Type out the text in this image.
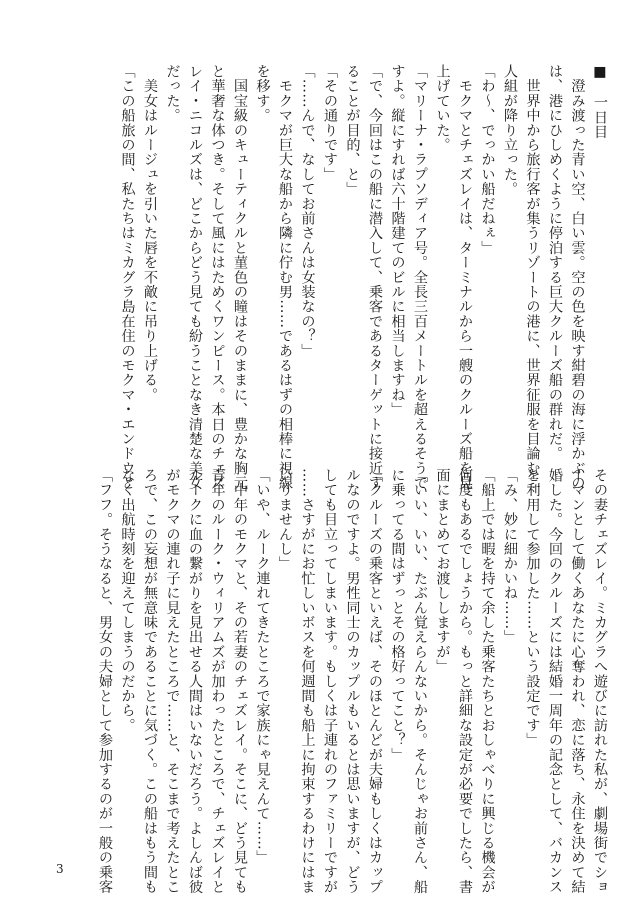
■　一日目
　澄み渡った青い空、白い雲。空の色を映す紺碧の海に浮かぶの
は、港にひしめくように停泊する巨大クルーズ船の群れだ。
　世界中から旅行客が集うリゾートの港に、世界征服を目論む二
人組が降り立った。
「わ〜、でっかい船だねぇ」
　モクマとチェズレイは、ターミナルから一艘のクルーズ船を見
上げていた。
「マリーナ・ラプソディア号。全長三百メートルを超えるそうで
すよ。縦にすれば六十階建てのビルに相当しますね」
「で、今回はこの船に潜入して、乗客であるターゲットに接近す
ることが目的、と」
「その通りです」
「……んで、なしてお前さんは女装なの？」
　モクマが巨大な船から隣に佇む男……であるはずの相棒に視線
を移す。
　国宝級のキューティクルと菫色の瞳はそのままに、豊かな胸元
と華奢な体つき。そして風にはためくワンピース。本日のチェズ
レイ・ニコルズは、どこからどう見ても紛うことなき清楚な美女
だった。
　美女はルージュを引いた唇を不敵に吊り上げる。
「この船旅の間、私たちはミカグラ島在住のモクマ・エンドウと
その妻チェズレイ。ミカグラへ遊びに訪れた私が、劇場街でショ
ーマンとして働くあなたに心奪われ、恋に落ち、永住を決めて結
婚した。今回のクルーズには結婚一周年の記念として、バカンス
を利用して参加した……という設定です」
「み、妙に細かいね……」
「船上では暇を持て余した乗客たちとおしゃべりに興じる機会が
何度もあるでしょうから。もっと詳細な設定が必要でしたら、書
面にまとめてお渡ししますが」
「いい、いい、たぶん覚えらんないから。そんじゃお前さん、船
に乗ってる間はずっとその格好ってこと？」
「クルーズの乗客といえば、そのほとんどが夫婦もしくはカップ
ルなのですよ。男性同士のカップルもいるとは思いますが、どう
しても目立ってしまいます。もしくは子連れのファミリーですが
……さすがにお忙しいボスを何週間も船上に拘束するわけにはま
いりませんし」
「いや、ルーク連れてきたところで家族にゃ見えんて……」
　中年のモクマと、その若妻のチェズレイ。そこに、どう見ても
青年のルーク・ウィリアムズが加わったところで、チェズレイと
ルークに血の繋がりを見出せる人間はいないだろう。よしんば彼
がモクマの連れ子に見えたところで……と、そこまで考えたとこ
ろで、この妄想が無意味であることに気づく。この船はもう間も
なく出航時刻を迎えてしまうのだから。
「フフ。そうなると、男女の夫婦として参加するのが一般の乗客
3
